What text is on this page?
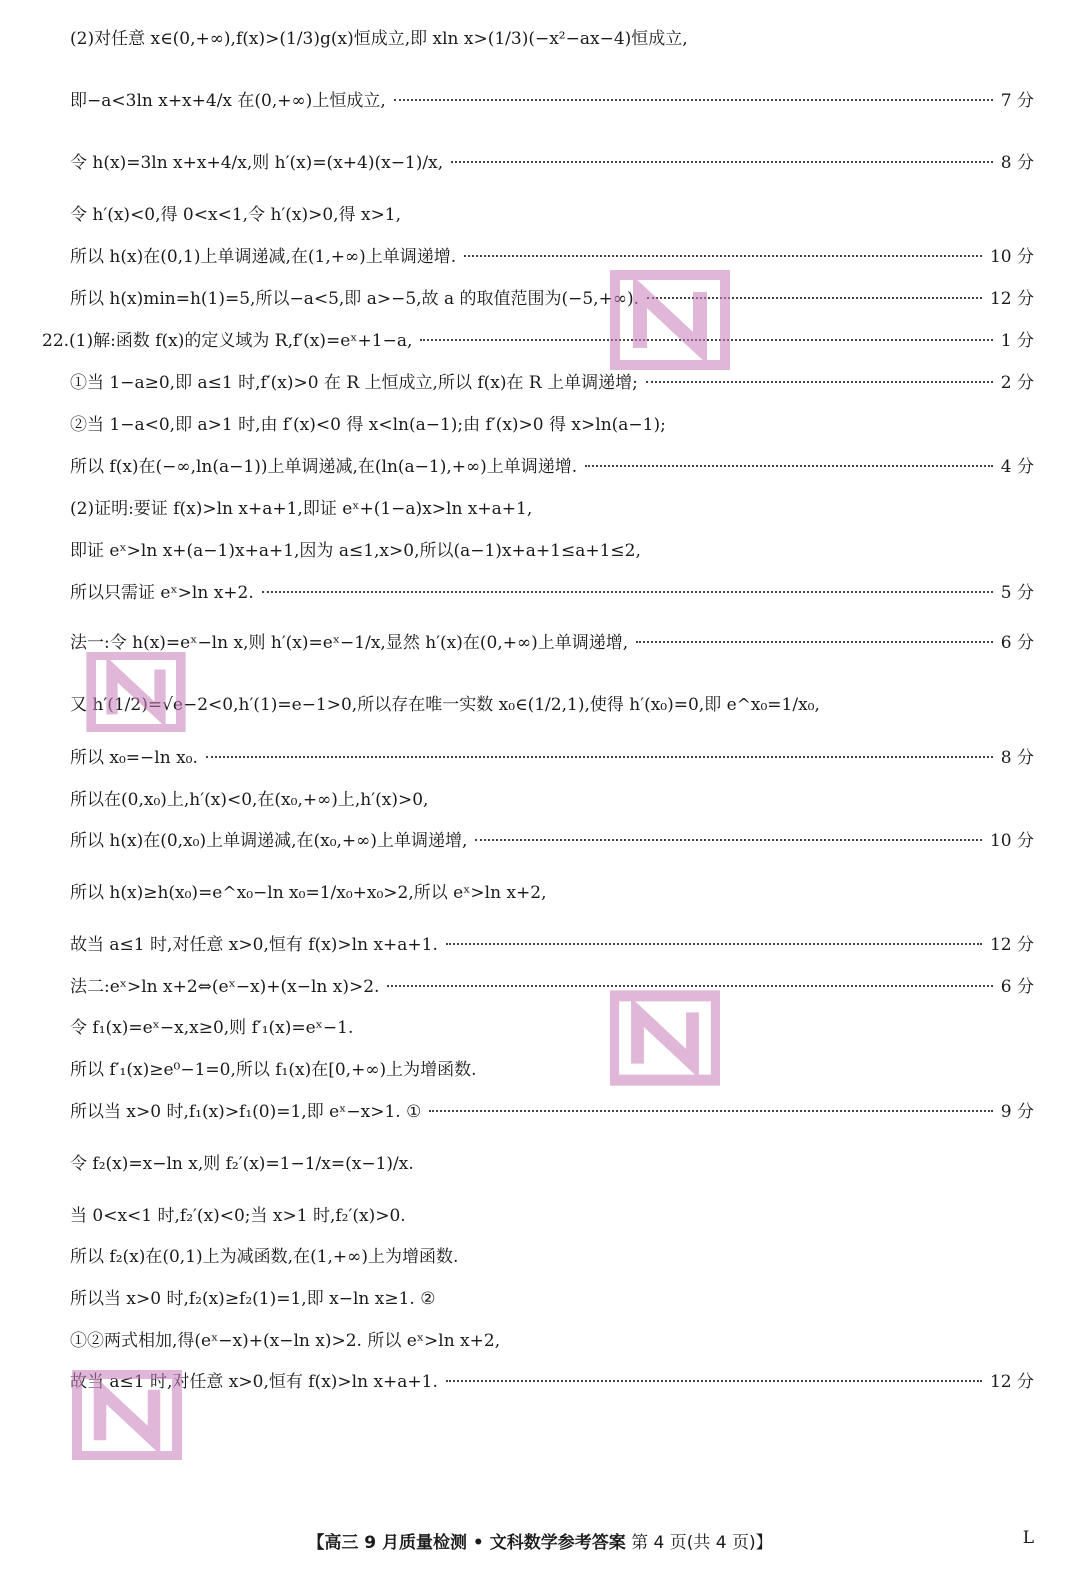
(2)对任意 x∈(0,+∞),f(x)>(1/3)g(x)恒成立,即 xln x>(1/3)(−x²−ax−4)恒成立,
即−a<3ln x+x+4/x 在(0,+∞)上恒成立,	7 分
令 h(x)=3ln x+x+4/x,则 h′(x)=(x+4)(x−1)/x,	8 分
令 h′(x)<0,得 0<x<1,令 h′(x)>0,得 x>1,
所以 h(x)在(0,1)上单调递减,在(1,+∞)上单调递增.	10 分
所以 h(x)min=h(1)=5,所以−a<5,即 a>−5,故 a 的取值范围为(−5,+∞).	12 分
22.(1)解:函数 f(x)的定义域为 R,f′(x)=eˣ+1−a,	1 分
①当 1−a≥0,即 a≤1 时,f′(x)>0 在 R 上恒成立,所以 f(x)在 R 上单调递增;	2 分
②当 1−a<0,即 a>1 时,由 f′(x)<0 得 x<ln(a−1);由 f′(x)>0 得 x>ln(a−1);
所以 f(x)在(−∞,ln(a−1))上单调递减,在(ln(a−1),+∞)上单调递增.	4 分
(2)证明:要证 f(x)>ln x+a+1,即证 eˣ+(1−a)x>ln x+a+1,
即证 eˣ>ln x+(a−1)x+a+1,因为 a≤1,x>0,所以(a−1)x+a+1≤a+1≤2,
所以只需证 eˣ>ln x+2.	5 分
法一:令 h(x)=eˣ−ln x,则 h′(x)=eˣ−1/x,显然 h′(x)在(0,+∞)上单调递增,	6 分
又 h′(1/2)=√e−2<0,h′(1)=e−1>0,所以存在唯一实数 x₀∈(1/2,1),使得 h′(x₀)=0,即 e^x₀=1/x₀,
所以 x₀=−ln x₀.	8 分
所以在(0,x₀)上,h′(x)<0,在(x₀,+∞)上,h′(x)>0,
所以 h(x)在(0,x₀)上单调递减,在(x₀,+∞)上单调递增,	10 分
所以 h(x)≥h(x₀)=e^x₀−ln x₀=1/x₀+x₀>2,所以 eˣ>ln x+2,
故当 a≤1 时,对任意 x>0,恒有 f(x)>ln x+a+1.	12 分
法二:eˣ>ln x+2⇔(eˣ−x)+(x−ln x)>2.	6 分
令 f₁(x)=eˣ−x,x≥0,则 f′₁(x)=eˣ−1.
所以 f′₁(x)≥e⁰−1=0,所以 f₁(x)在[0,+∞)上为增函数.
所以当 x>0 时,f₁(x)>f₁(0)=1,即 eˣ−x>1. ①	9 分
令 f₂(x)=x−ln x,则 f₂′(x)=1−1/x=(x−1)/x.
当 0<x<1 时,f₂′(x)<0;当 x>1 时,f₂′(x)>0.
所以 f₂(x)在(0,1)上为减函数,在(1,+∞)上为增函数.
所以当 x>0 时,f₂(x)≥f₂(1)=1,即 x−ln x≥1. ②
①②两式相加,得(eˣ−x)+(x−ln x)>2. 所以 eˣ>ln x+2,
故当 a≤1 时,对任意 x>0,恒有 f(x)>ln x+a+1.	12 分
【高三 9 月质量检测 • 文科数学参考答案 第 4 页(共 4 页)】	L
